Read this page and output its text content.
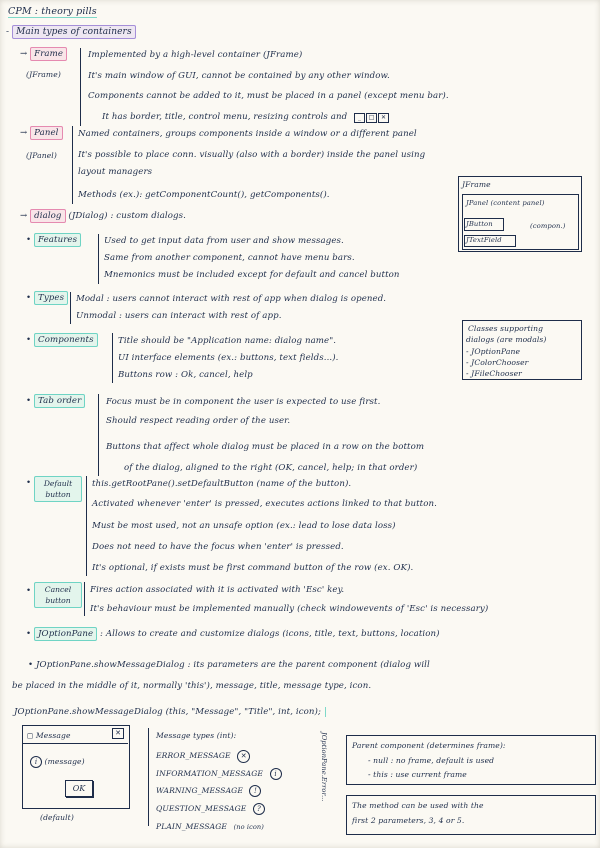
CPM : theory pills
- Main types of containers
→ Frame
(JFrame)
Implemented by a high-level container (JFrame)
It's main window of GUI, cannot be contained by any other window.
Components cannot be added to it, must be placed in a panel (except menu bar).
It has border, title, control menu, resizing controls and _ □ ✕
→ Panel
(JPanel)
Named containers, groups components inside a window or a different panel
It's possible to place conn. visually (also with a border) inside the panel using
layout managers
Methods (ex.): getComponentCount(), getComponents().
JFrame
JPanel (content panel)
JButton	(compon.)
JTextField
→ dialog (JDialog) : custom dialogs.
• Features	Used to get input data from user and show messages.
Same from another component, cannot have menu bars.
Mnemonics must be included except for default and cancel button
• Types	Modal : users cannot interact with rest of app when dialog is opened.
Unmodal : users can interact with rest of app.
Classes supporting
dialogs (are modals)
- JOptionPane
- JColorChooser
- JFileChooser
• Components	Title should be "Application name: dialog name".
UI interface elements (ex.: buttons, text fields...).
Buttons row : Ok, cancel, help
• Tab order	Focus must be in component the user is expected to use first.
Should respect reading order of the user.
Buttons that affect whole dialog must be placed in a row on the bottom
of the dialog, aligned to the right (OK, cancel, help; in that order)
•	Default button
this.getRootPane().setDefaultButton (name of the button).
Activated whenever 'enter' is pressed, executes actions linked to that button.
Must be most used, not an unsafe option (ex.: lead to lose data loss)
Does not need to have the focus when 'enter' is pressed.
It's optional, if exists must be first command button of the row (ex. OK).
•	Cancel button
Fires action associated with it is activated with 'Esc' key.
It's behaviour must be implemented manually (check windowevents of 'Esc' is necessary)
• JOptionPane : Allows to create and customize dialogs (icons, title, text, buttons, location)
• JOptionPane.showMessageDialog : its parameters are the parent component (dialog will
be placed in the middle of it, normally 'this'), message, title, message type, icon.
JOptionPane.showMessageDialog (this, "Message", "Title", int, icon);
◻ Message	✕
i (message)
OK
(default)
Message types (int):
ERROR_MESSAGE ✕
INFORMATION_MESSAGE i
WARNING_MESSAGE !
QUESTION_MESSAGE ?
PLAIN_MESSAGE (no icon)
JOptionPane.Error...	Parent component (determines frame):
- null : no frame, default is used
- this : use current frame
The method can be used with the
first 2 parameters, 3, 4 or 5.
